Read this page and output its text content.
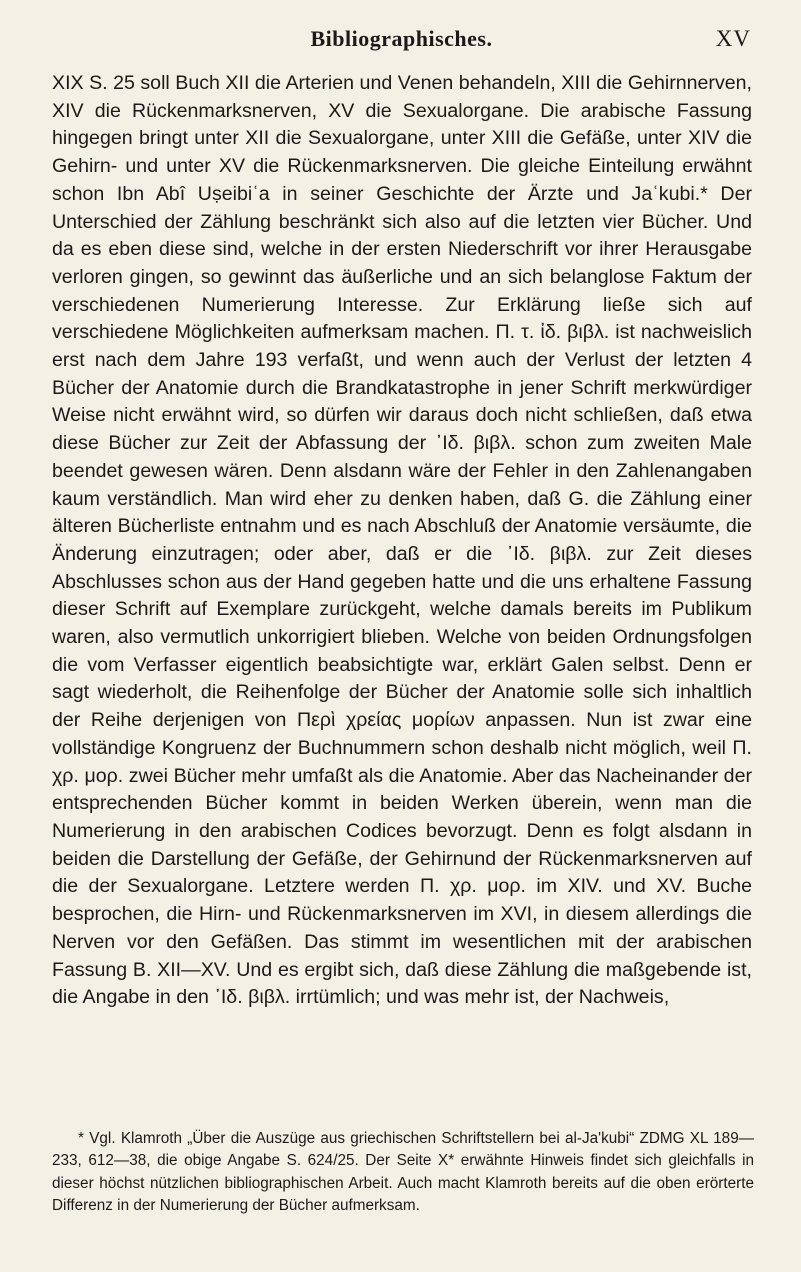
Bibliographisches.	XV

XIX S. 25 soll Buch XII die Arterien und Venen behandeln, XIII die Gehirnnerven, XIV die Rückenmarksnerven, XV die Sexualorgane. Die arabische Fassung hingegen bringt unter XII die Sexualorgane, unter XIII die Gefäße, unter XIV die Gehirn- und unter XV die Rückenmarksnerven. Die gleiche Einteilung erwähnt schon Ibn Abî Uṣeibiʿa in seiner Geschichte der Ärzte und Jaʿkubi.* Der Unterschied der Zählung beschränkt sich also auf die letzten vier Bücher. Und da es eben diese sind, welche in der ersten Niederschrift vor ihrer Herausgabe verloren gingen, so gewinnt das äußerliche und an sich belanglose Faktum der verschiedenen Numerierung Interesse. Zur Erklärung ließe sich auf verschiedene Möglichkeiten aufmerksam machen. Π. τ. ἰδ. βιβλ. ist nachweislich erst nach dem Jahre 193 verfaßt, und wenn auch der Verlust der letzten 4 Bücher der Anatomie durch die Brandkatastrophe in jener Schrift merkwürdiger Weise nicht erwähnt wird, so dürfen wir daraus doch nicht schließen, daß etwa diese Bücher zur Zeit der Abfassung der ᾽Ιδ. βιβλ. schon zum zweiten Male beendet gewesen wären. Denn alsdann wäre der Fehler in den Zahlenangaben kaum verständlich. Man wird eher zu denken haben, daß G. die Zählung einer älteren Bücherliste entnahm und es nach Abschluß der Anatomie versäumte, die Änderung einzutragen; oder aber, daß er die ᾽Ιδ. βιβλ. zur Zeit dieses Abschlusses schon aus der Hand gegeben hatte und die uns erhaltene Fassung dieser Schrift auf Exemplare zurückgeht, welche damals bereits im Publikum waren, also vermutlich unkorrigiert blieben. Welche von beiden Ordnungsfolgen die vom Verfasser eigentlich beabsichtigte war, erklärt Galen selbst. Denn er sagt wiederholt, die Reihenfolge der Bücher der Anatomie solle sich inhaltlich der Reihe derjenigen von Περὶ χρείας μορίων anpassen. Nun ist zwar eine vollständige Kongruenz der Buchnummern schon deshalb nicht möglich, weil Π. χρ. μορ. zwei Bücher mehr umfaßt als die Anatomie. Aber das Nacheinander der entsprechenden Bücher kommt in beiden Werken überein, wenn man die Numerierung in den arabischen Codices bevorzugt. Denn es folgt alsdann in beiden die Darstellung der Gefäße, der Gehirnund der Rückenmarksnerven auf die der Sexualorgane. Letztere werden Π. χρ. μορ. im XIV. und XV. Buche besprochen, die Hirn- und Rückenmarksnerven im XVI, in diesem allerdings die Nerven vor den Gefäßen. Das stimmt im wesentlichen mit der arabischen Fassung B. XII—XV. Und es ergibt sich, daß diese Zählung die maßgebende ist, die Angabe in den ᾽Ιδ. βιβλ. irrtümlich; und was mehr ist, der Nachweis,

* Vgl. Klamroth „Über die Auszüge aus griechischen Schriftstellern bei al-Ja'kubi“ ZDMG XL 189—233, 612—38, die obige Angabe S. 624/25. Der Seite X* erwähnte Hinweis findet sich gleichfalls in dieser höchst nützlichen bibliographischen Arbeit. Auch macht Klamroth bereits auf die oben erörterte Differenz in der Numerierung der Bücher aufmerksam.
